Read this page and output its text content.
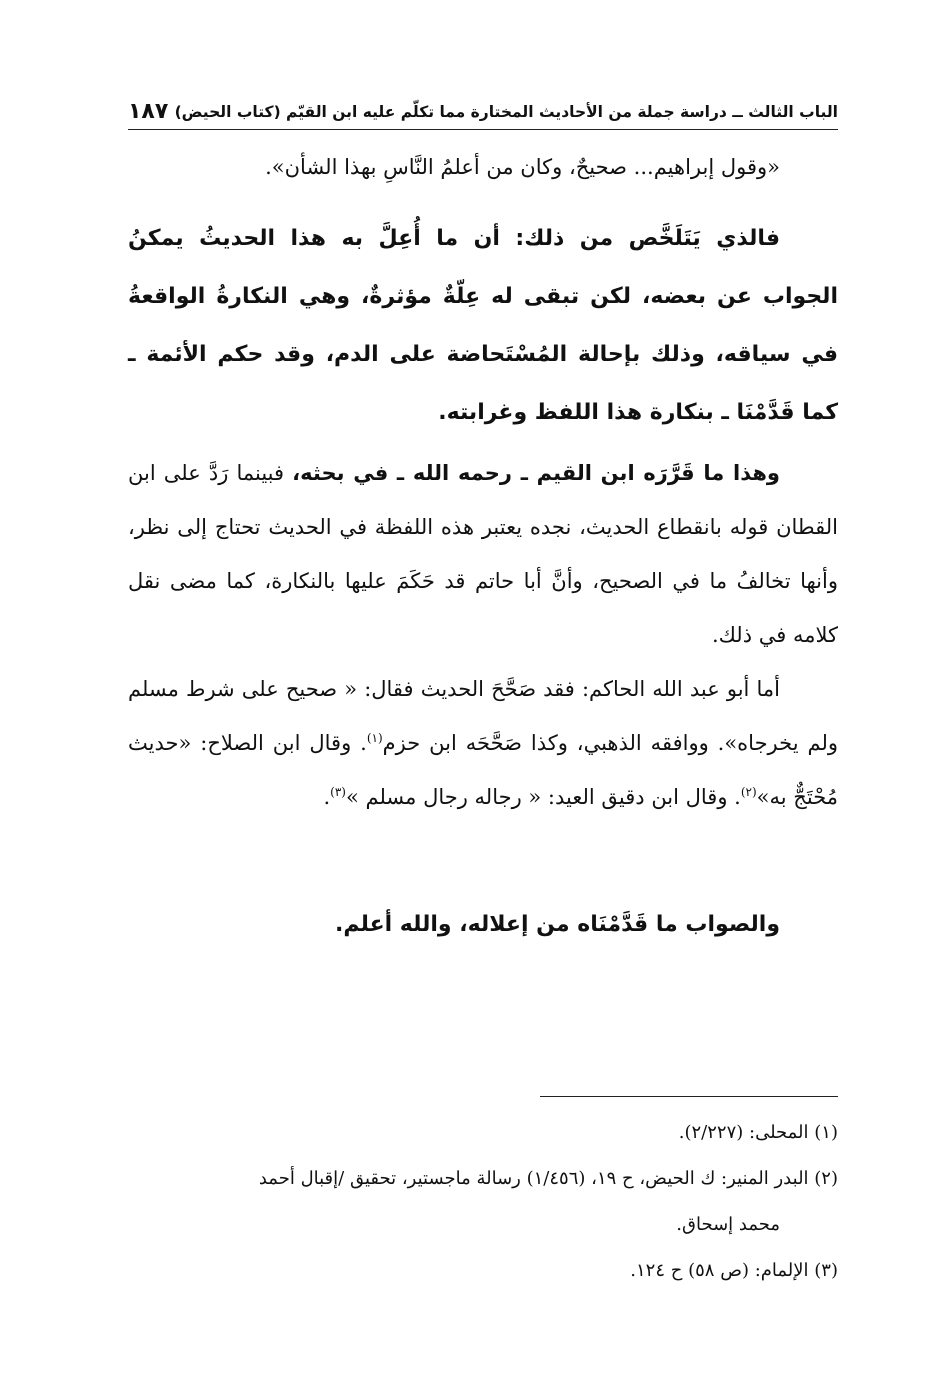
الباب الثالث ــ دراسة جملة من الأحاديث المختارة مما تكلّم عليه ابن القيّم (كتاب الحيض)
١٨٧
«وقول إبراهيم... صحيحٌ، وكان من أعلمُ النَّاسِ بهذا الشأن».
فالذي يَتَلَخَّص من ذلك: أن ما أُعِلَّ به هذا الحديثُ يمكنُ الجواب عن بعضه، لكن تبقى له عِلّةٌ مؤثرةٌ، وهي النكارةُ الواقعةُ في سياقه، وذلك بإحالة المُسْتَحاضة على الدم، وقد حكم الأئمة ـ كما قَدَّمْنَا ـ بنكارة هذا اللفظ وغرابته.
وهذا ما قَرَّرَه ابن القيم ـ رحمه الله ـ في بحثه، فبينما رَدَّ على ابن القطان قوله بانقطاع الحديث، نجده يعتبر هذه اللفظة في الحديث تحتاج إلى نظر، وأنها تخالفُ ما في الصحيح، وأنَّ أبا حاتم قد حَكَمَ عليها بالنكارة، كما مضى نقل كلامه في ذلك.
أما أبو عبد الله الحاكم: فقد صَحَّحَ الحديث فقال: « صحيح على شرط مسلم ولم يخرجاه». ووافقه الذهبي، وكذا صَحَّحَه ابن حزم$^{(١)}$. وقال ابن الصلاح: «حديث مُحْتَجٌّ به»$^{(٢)}$. وقال ابن دقيق العيد: « رجاله رجال مسلم »$^{(٣)}$.
والصواب ما قَدَّمْنَاه من إعلاله، والله أعلم.
(١) المحلى: (٢/٢٢٧).
(٢) البدر المنير: ك الحيض، ح ١٩، (١/٤٥٦) رسالة ماجستير، تحقيق /إقبال أحمد
محمد إسحاق.
(٣) الإلمام: (ص ٥٨) ح ١٢٤.
